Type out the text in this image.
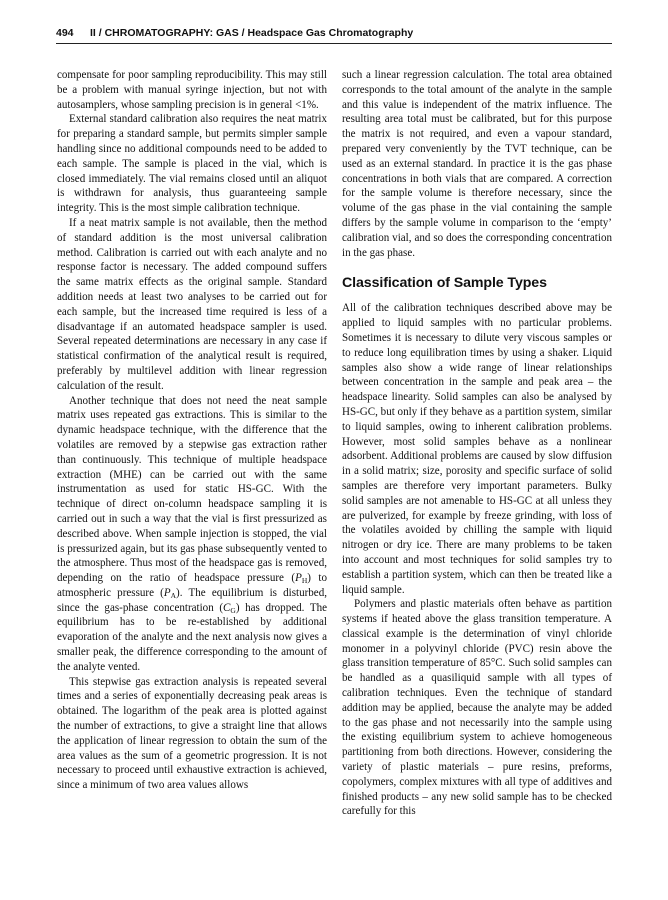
494 II / CHROMATOGRAPHY: GAS / Headspace Gas Chromatography

compensate for poor sampling reproducibility. This may still be a problem with manual syringe injection, but not with autosamplers, whose sampling precision is in general <1%.

External standard calibration also requires the neat matrix for preparing a standard sample, but permits simpler sample handling since no additional compounds need to be added to each sample. The sample is placed in the vial, which is closed immediately. The vial remains closed until an aliquot is withdrawn for analysis, thus guaranteeing sample integrity. This is the most simple calibration technique.

If a neat matrix sample is not available, then the method of standard addition is the most universal calibration method. Calibration is carried out with each analyte and no response factor is necessary. The added compound suffers the same matrix effects as the original sample. Standard addition needs at least two analyses to be carried out for each sample, but the increased time required is less of a disadvantage if an automated headspace sampler is used. Several repeated determinations are necessary in any case if statistical confirmation of the analytical result is required, preferably by multilevel addition with linear regression calculation of the result.

Another technique that does not need the neat sample matrix uses repeated gas extractions. This is similar to the dynamic headspace technique, with the difference that the volatiles are removed by a stepwise gas extraction rather than continuously. This technique of multiple headspace extraction (MHE) can be carried out with the same instrumentation as used for static HS-GC. With the technique of direct on-column headspace sampling it is carried out in such a way that the vial is first pressurized as described above. When sample injection is stopped, the vial is pressurized again, but its gas phase subsequently vented to the atmosphere. Thus most of the headspace gas is removed, depending on the ratio of headspace pressure $(P_H)$ to atmospheric pressure $(P_A)$. The equilibrium is disturbed, since the gas-phase concentration $(C_G)$ has dropped. The equilibrium has to be re-established by additional evaporation of the analyte and the next analysis now gives a smaller peak, the difference corresponding to the amount of the analyte vented.

This stepwise gas extraction analysis is repeated several times and a series of exponentially decreasing peak areas is obtained. The logarithm of the peak area is plotted against the number of extractions, to give a straight line that allows the application of linear regression to obtain the sum of the area values as the sum of a geometric progression. It is not necessary to proceed until exhaustive extraction is achieved, since a minimum of two area values allows

such a linear regression calculation. The total area obtained corresponds to the total amount of the analyte in the sample and this value is independent of the matrix influence. The resulting area total must be calibrated, but for this purpose the matrix is not required, and even a vapour standard, prepared very conveniently by the TVT technique, can be used as an external standard. In practice it is the gas phase concentrations in both vials that are compared. A correction for the sample volume is therefore necessary, since the volume of the gas phase in the vial containing the sample differs by the sample volume in comparison to the ‘empty’ calibration vial, and so does the corresponding concentration in the gas phase.

Classification of Sample Types

All of the calibration techniques described above may be applied to liquid samples with no particular problems. Sometimes it is necessary to dilute very viscous samples or to reduce long equilibration times by using a shaker. Liquid samples also show a wide range of linear relationships between concentration in the sample and peak area – the headspace linearity. Solid samples can also be analysed by HS-GC, but only if they behave as a partition system, similar to liquid samples, owing to inherent calibration problems. However, most solid samples behave as a nonlinear adsorbent. Additional problems are caused by slow diffusion in a solid matrix; size, porosity and specific surface of solid samples are therefore very important parameters. Bulky solid samples are not amenable to HS-GC at all unless they are pulverized, for example by freeze grinding, with loss of the volatiles avoided by chilling the sample with liquid nitrogen or dry ice. There are many problems to be taken into account and most techniques for solid samples try to establish a partition system, which can then be treated like a liquid sample.

Polymers and plastic materials often behave as partition systems if heated above the glass transition temperature. A classical example is the determination of vinyl chloride monomer in a polyvinyl chloride (PVC) resin above the glass transition temperature of 85°C. Such solid samples can be handled as a quasiliquid sample with all types of calibration techniques. Even the technique of standard addition may be applied, because the analyte may be added to the gas phase and not necessarily into the sample using the existing equilibrium system to achieve homogeneous partitioning from both directions. However, considering the variety of plastic materials – pure resins, preforms, copolymers, complex mixtures with all type of additives and finished products – any new solid sample has to be checked carefully for this
